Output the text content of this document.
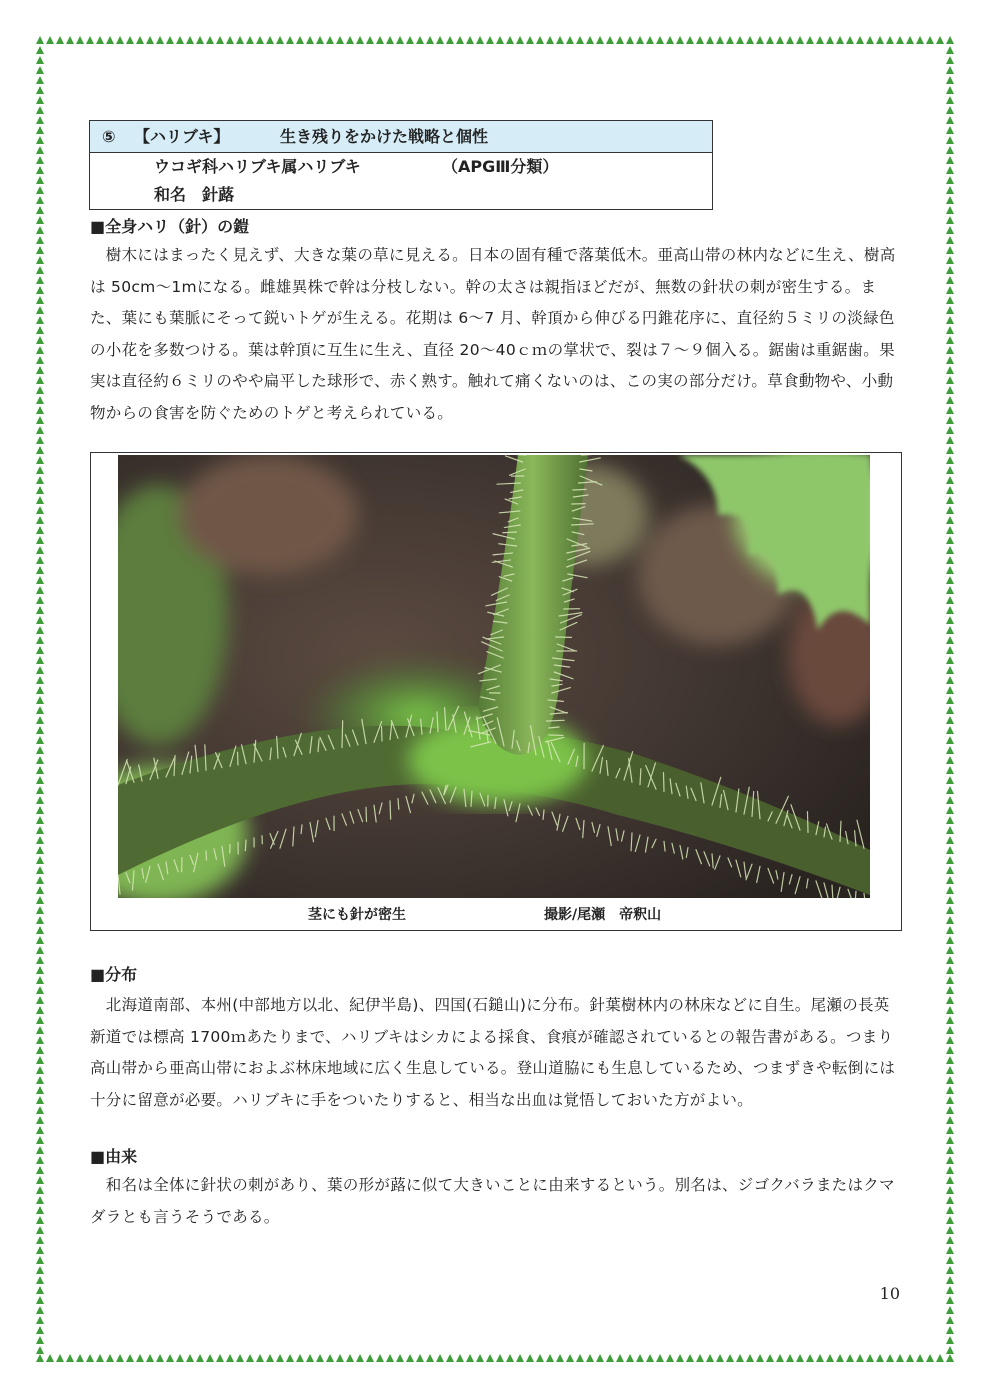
⑤ 【ハリブキ】	生き残りをかけた戦略と個性
ウコギ科ハリブキ属ハリブキ	（APGⅢ分類）
和名 針蕗
■全身ハリ（針）の鎧
　樹木にはまったく見えず、大きな葉の草に見える。日本の固有種で落葉低木。亜高山帯の林内などに生え、樹高は 50cm～1mになる。雌雄異株で幹は分枝しない。幹の太さは親指ほどだが、無数の針状の刺が密生する。また、葉にも葉脈にそって鋭いトゲが生える。花期は 6～7 月、幹頂から伸びる円錐花序に、直径約５ミリの淡緑色の小花を多数つける。葉は幹頂に互生に生え、直径 20～40ｃｍの掌状で、裂は７～９個入る。鋸歯は重鋸歯。果実は直径約６ミリのやや扁平した球形で、赤く熟す。触れて痛くないのは、この実の部分だけ。草食動物や、小動物からの食害を防ぐためのトゲと考えられている。
茎にも針が密生	撮影/尾瀬　帝釈山
■分布
　北海道南部、本州(中部地方以北、紀伊半島)、四国(石鎚山)に分布。針葉樹林内の林床などに自生。尾瀬の長英新道では標高 1700ｍあたりまで、ハリブキはシカによる採食、食痕が確認されているとの報告書がある。つまり高山帯から亜高山帯におよぶ林床地域に広く生息している。登山道脇にも生息しているため、つまずきや転倒には十分に留意が必要。ハリブキに手をついたりすると、相当な出血は覚悟しておいた方がよい。
■由来
　和名は全体に針状の刺があり、葉の形が蕗に似て大きいことに由来するという。別名は、ジゴクバラまたはクマダラとも言うそうである。
10
